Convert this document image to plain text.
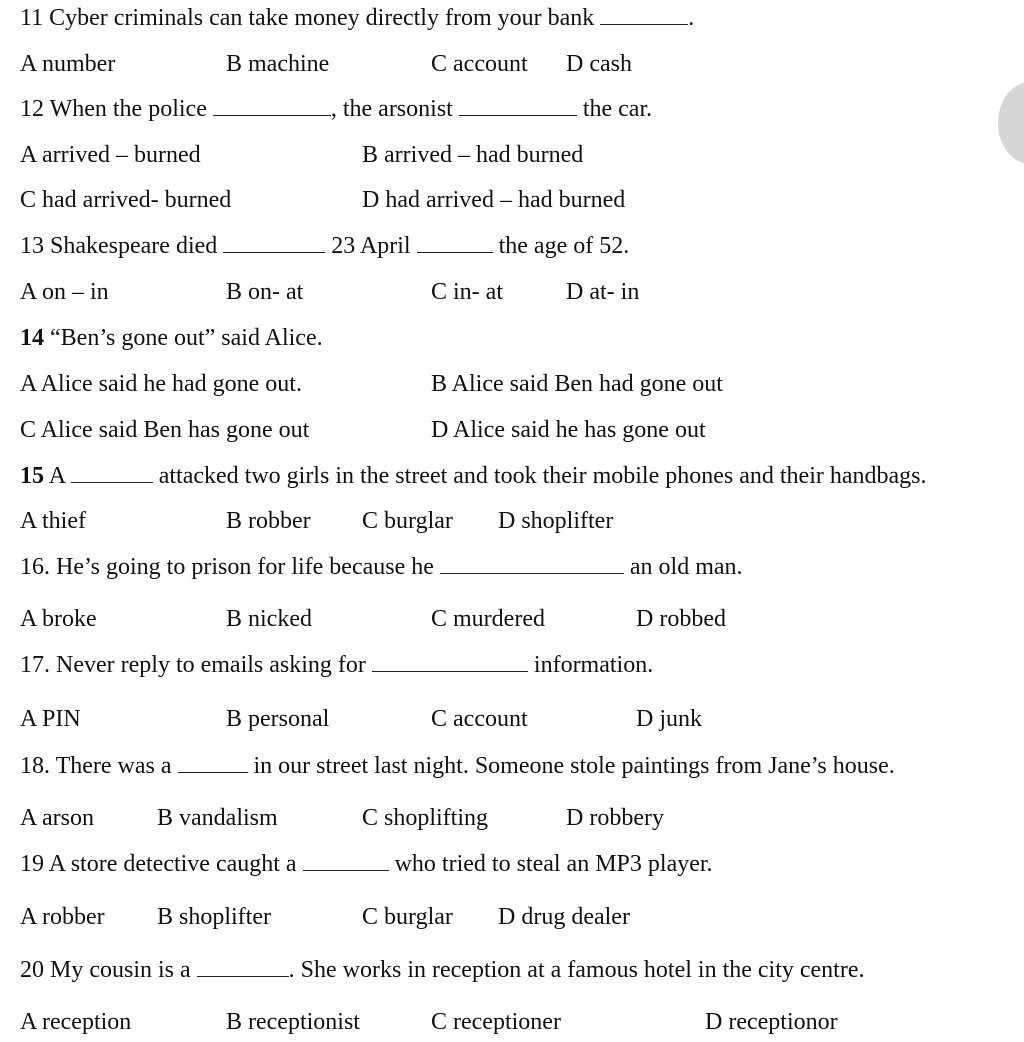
11 Cyber criminals can take money directly from your bank	.
A number	B machine	C account D cash
12 When the police	, the arsonist	the car.
A arrived – burned	B arrived – had burned
C had arrived- burned	D had arrived – had burned
13 Shakespeare died	23 April	the age of 52.
A on – in	B on- at	C in- at	D at- in
14 “Ben’s gone out” said Alice.
A Alice said he had gone out.	B Alice said Ben had gone out
C Alice said Ben has gone out	D Alice said he has gone out
15 A	attacked two girls in the street and took their mobile phones and their handbags.
A thief	B robber C burglar D shoplifter
16. He’s going to prison for life because he	an old man.
A broke	B nicked	C murdered	D robbed
17. Never reply to emails asking for	information.
A PIN	B personal	C account	D junk
18. There was a	in our street last night. Someone stole paintings from Jane’s house.
A arson	B vandalism	C shoplifting	D robbery
19 A store detective caught a	who tried to steal an MP3 player.
A robber B shoplifter	C burglar D drug dealer
20 My cousin is a	. She works in reception at a famous hotel in the city centre.
A reception	B receptionist	C receptioner	D receptionor
